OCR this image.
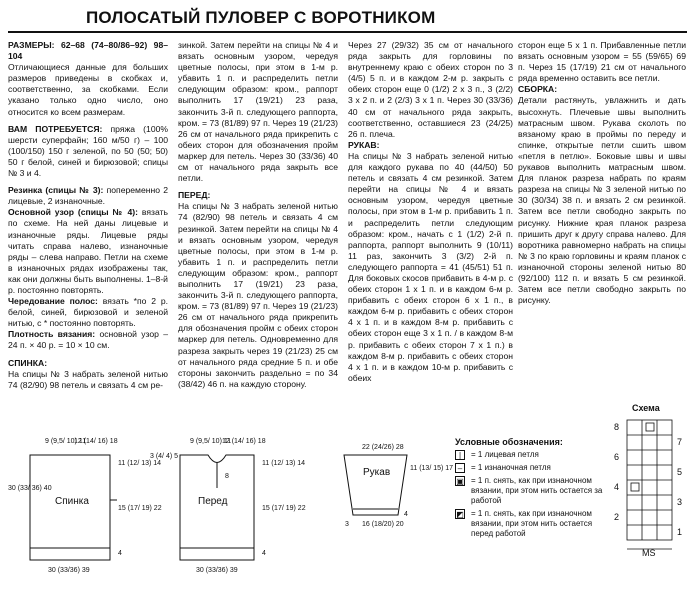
ПОЛОСАТЫЙ ПУЛОВЕР С ВОРОТНИКОМ

РАЗМЕРЫ: 62–68 (74–80/86–92) 98–104

Отличающиеся данные для больших размеров приведены в скобках и, соответственно, за скобками. Если указано только одно число, оно относится ко всем размерам.

ВАМ ПОТРЕБУЕТСЯ: пряжа (100% шерсти суперфайн; 160 м/50 г) – 100 (100/150) 150 г зеленой, по 50 (50; 50) 50 г белой, синей и бирюзовой; спицы № 3 и 4.

Резинка (спицы № 3): попеременно 2 лицевые, 2 изнаночные.

Основной узор (спицы № 4): вязать по схеме. На ней даны лицевые и изнаночные ряды. Лицевые ряды читать справа налево, изнаночные ряды – слева направо. Петли на схеме в изнаночных рядах изображены так, как они должны быть выполнены. 1–8-й р. постоянно повторять.

Чередование полос: вязать *по 2 р. белой, синей, бирюзовой и зеленой нитью, с * постоянно повторять.

Плотность вязания: основной узор – 24 п. × 40 р. = 10 × 10 см.

СПИНКА:

На спицы № 3 набрать зеленой нитью 74 (82/90) 98 петель и связать 4 см ре-

зинкой. Затем перейти на спицы № 4 и вязать основным узором, чередуя цветные полосы, при этом в 1-м р. убавить 1 п. и распределить петли следующим образом: кром., раппорт выполнить 17 (19/21) 23 раза, закончить 3-й п. следующего раппорта, кром. = 73 (81/89) 97 п. Через 19 (21/23) 26 см от начального ряда прикрепить с обеих сторон для обозначения пройм маркер для петель. Через 30 (33/36) 40 см от начального ряда закрыть все петли.

ПЕРЕД:

На спицы № 3 набрать зеленой нитью 74 (82/90) 98 петель и связать 4 см резинкой. Затем перейти на спицы № 4 и вязать основным узором, чередуя цветные полосы, при этом в 1-м р. убавить 1 п. и распределить петли следующим образом: кром., раппорт выполнить 17 (19/21) 23 раза, закончить 3-й п. следующего раппорта, кром. = 73 (81/89) 97 п. Через 19 (21/23) 26 см от начального ряда прикрепить для обозначения пройм с обеих сторон маркер для петель. Одновременно для разреза закрыть через 19 (21/23) 25 см от начального ряда средние 5 п. и обе стороны закончить раздельно = по 34 (38/42) 46 п. на каждую сторону.

Через 27 (29/32) 35 см от начального ряда закрыть для горловины по внутреннему краю с обеих сторон по 3 (4/5) 5 п. и в каждом 2-м р. закрыть с обеих сторон еще 0 (1/2) 2 x 3 п., 3 (2/2) 3 x 2 п. и 2 (2/3) 3 x 1 п. Через 30 (33/36) 40 см от начального ряда закрыть, соответственно, оставшиеся 23 (24/25) 26 п. плеча.

РУКАВ:

На спицы № 3 набрать зеленой нитью для каждого рукава по 40 (44/50) 50 петель и связать 4 см резинкой. Затем перейти на спицы № 4 и вязать основным узором, чередуя цветные полосы, при этом в 1-м р. прибавить 1 п. и распределить петли следующим образом: кром., начать с 1 (1/2) 2-й п. раппорта, раппорт выполнить 9 (10/11) 11 раз, закончить 3 (3/2) 2-й п. следующего раппорта = 41 (45/51) 51 п. Для боковых скосов прибавить в 4-м р. с обеих сторон 1 x 1 п. и в каждом 6-м р. прибавить с обеих сторон 6 x 1 п., в каждом 6-м р. прибавить с обеих сторон 4 x 1 п. и в каждом 8-м р. прибавить с обеих сторон еще 3 x 1 п. / в каждом 8-м р. прибавить с обеих сторон 7 x 1 п.) в каждом 8-м р. прибавить с обеих сторон 4 x 1 п. и в каждом 10-м р. прибавить с обеих

сторон еще 5 x 1 п. Прибавленные петли вязать основным узором = 55 (59/65) 69 п. Через 15 (17/19) 21 см от начального ряда временно оставить все петли.

СБОРКА:

Детали растянуть, увлажнить и дать высохнуть. Плечевые швы выполнить матрасным швом. Рукава сколоть по вязаному краю в проймы по переду и спинке, открытые петли сшить швом «петля в петлю». Боковые швы и швы рукавов выполнить матрасным швом. Для планок разреза набрать по краям разреза на спицы № 3 зеленой нитью по 30 (30/34) 38 п. и вязать 2 см резинкой. Затем все петли свободно закрыть по рисунку. Нижние края планок разреза пришить друг к другу справа налево. Для воротника равномерно набрать на спицы № 3 по краю горловины и краям планок с изнаночной стороны зеленой нитью 80 (92/100) 112 п. и вязать 5 см резинкой. Затем все петли свободно закрыть по рисунку.

9 (9,5/ 10) 11
12 (14/ 16) 18
Спинка
30 (33/ 36) 40
11 (12/ 13) 14
15 (17/ 19) 22
4
30 (33/36) 39
9 (9,5/ 10) 11
12 (14/ 16) 18
3 (4/ 4) 5
8
Перед
11 (12/ 13) 14
15 (17/ 19) 22
4
30 (33/36) 39
22 (24/26) 28
Рукав	11 (13/ 15) 17
4
16 (18/20) 20
3
Схема
8
6
4
2
7
5
3
1
MS
Условные обозначения:
|	= 1 лицевая петля
–	= 1 изнаночная петля
▣ = 1 п. снять, как при изнаночном вязании, при этом нить остается за работой
◩ = 1 п. снять, как при изнаночном вязании, при этом нить остается перед работой
